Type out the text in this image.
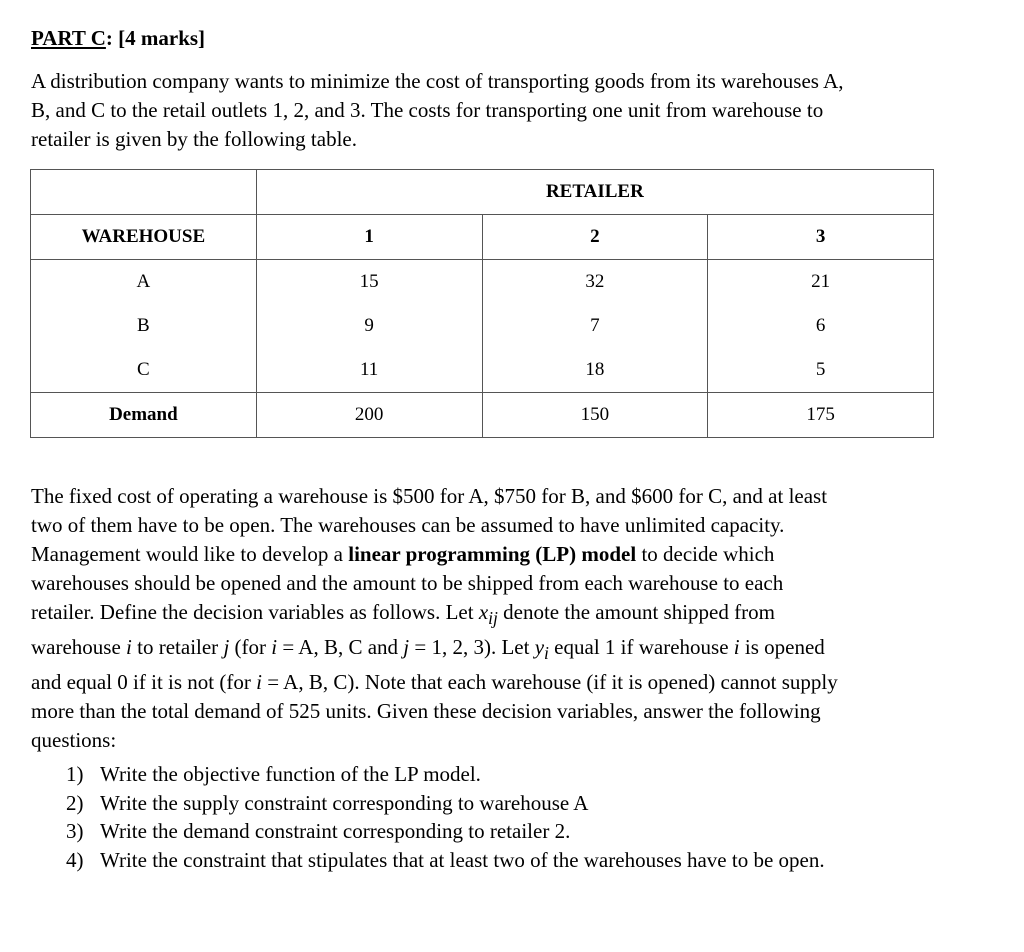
PART C: [4 marks]
A distribution company wants to minimize the cost of transporting goods from its warehouses A,
B, and C to the retail outlets 1, 2, and 3. The costs for transporting one unit from warehouse to
retailer is given by the following table.
	RETAILER		
WAREHOUSE	1	2	3
A	15	32	21
B	9	7	6
C	11	18	5
Demand	200	150	175
The fixed cost of operating a warehouse is $500 for A, $750 for B, and $600 for C, and at least
two of them have to be open. The warehouses can be assumed to have unlimited capacity.
Management would like to develop a linear programming (LP) model to decide which
warehouses should be opened and the amount to be shipped from each warehouse to each
retailer. Define the decision variables as follows. Let $x_{ij}$ denote the amount shipped from
warehouse i to retailer j (for i = A, B, C and j = 1, 2, 3). Let $y_i$ equal 1 if warehouse i is opened
and equal 0 if it is not (for i = A, B, C). Note that each warehouse (if it is opened) cannot supply
more than the total demand of 525 units. Given these decision variables, answer the following
questions:
1) Write the objective function of the LP model.
2) Write the supply constraint corresponding to warehouse A
3) Write the demand constraint corresponding to retailer 2.
4) Write the constraint that stipulates that at least two of the warehouses have to be open.
